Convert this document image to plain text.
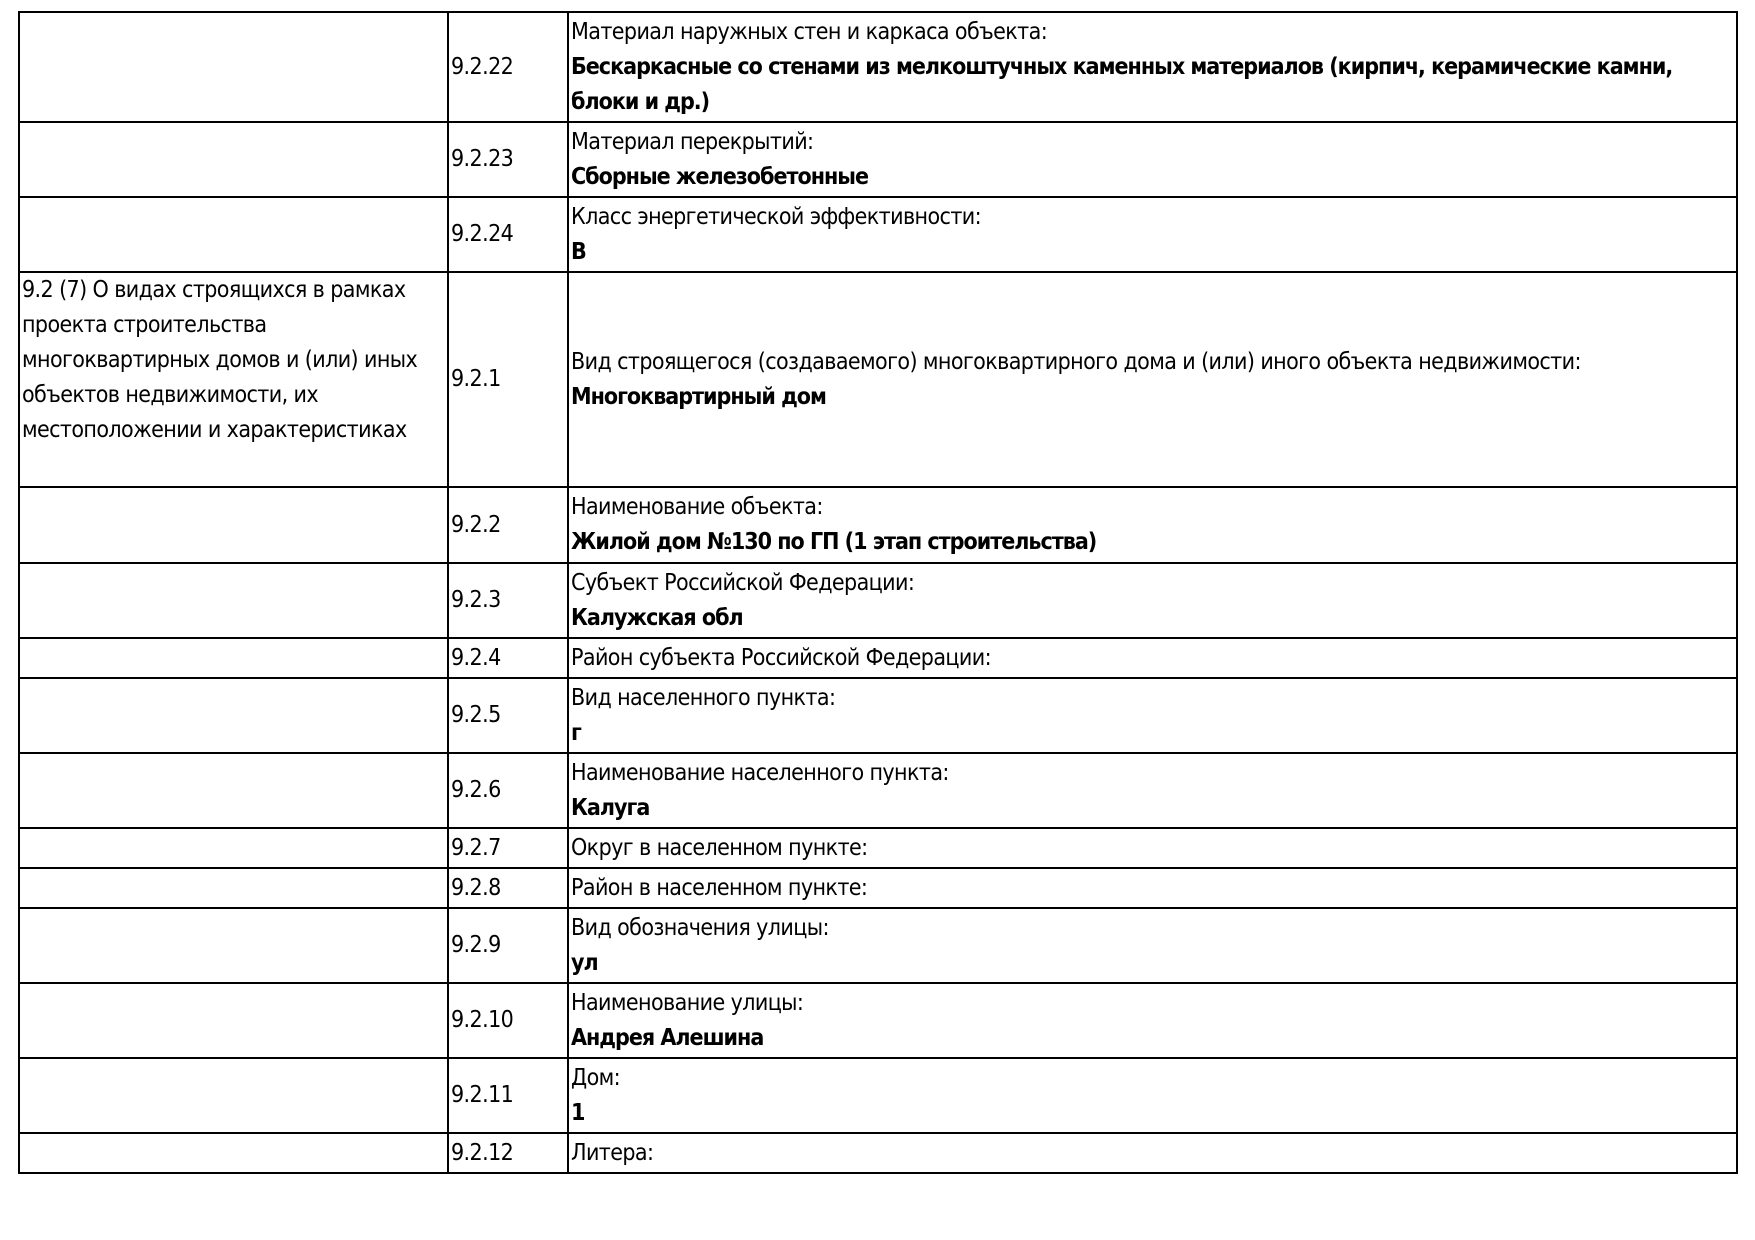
	9.2.22	Материал наружных стен и каркаса объекта:
Бескаркасные со стенами из мелкоштучных каменных материалов (кирпич, керамические камни, блоки и др.)

	9.2.23	Материал перекрытий:
Сборные железобетонные

	9.2.24	Класс энергетической эффективности:
В

9.2 (7) О видах строящихся в рамках проекта строительства многоквартирных домов и (или) иных объектов недвижимости, их местоположении и характеристиках	9.2.1	Вид строящегося (создаваемого) многоквартирного дома и (или) иного объекта недвижимости:
Многоквартирный дом

	9.2.2	Наименование объекта:
Жилой дом №130 по ГП (1 этап строительства)

	9.2.3	Субъект Российской Федерации:
Калужская обл

	9.2.4	Район субъекта Российской Федерации:

	9.2.5	Вид населенного пункта:
г

	9.2.6	Наименование населенного пункта:
Калуга

	9.2.7	Округ в населенном пункте:

	9.2.8	Район в населенном пункте:

	9.2.9	Вид обозначения улицы:
ул

	9.2.10	Наименование улицы:
Андрея Алешина

	9.2.11	Дом:
1

	9.2.12	Литера:
